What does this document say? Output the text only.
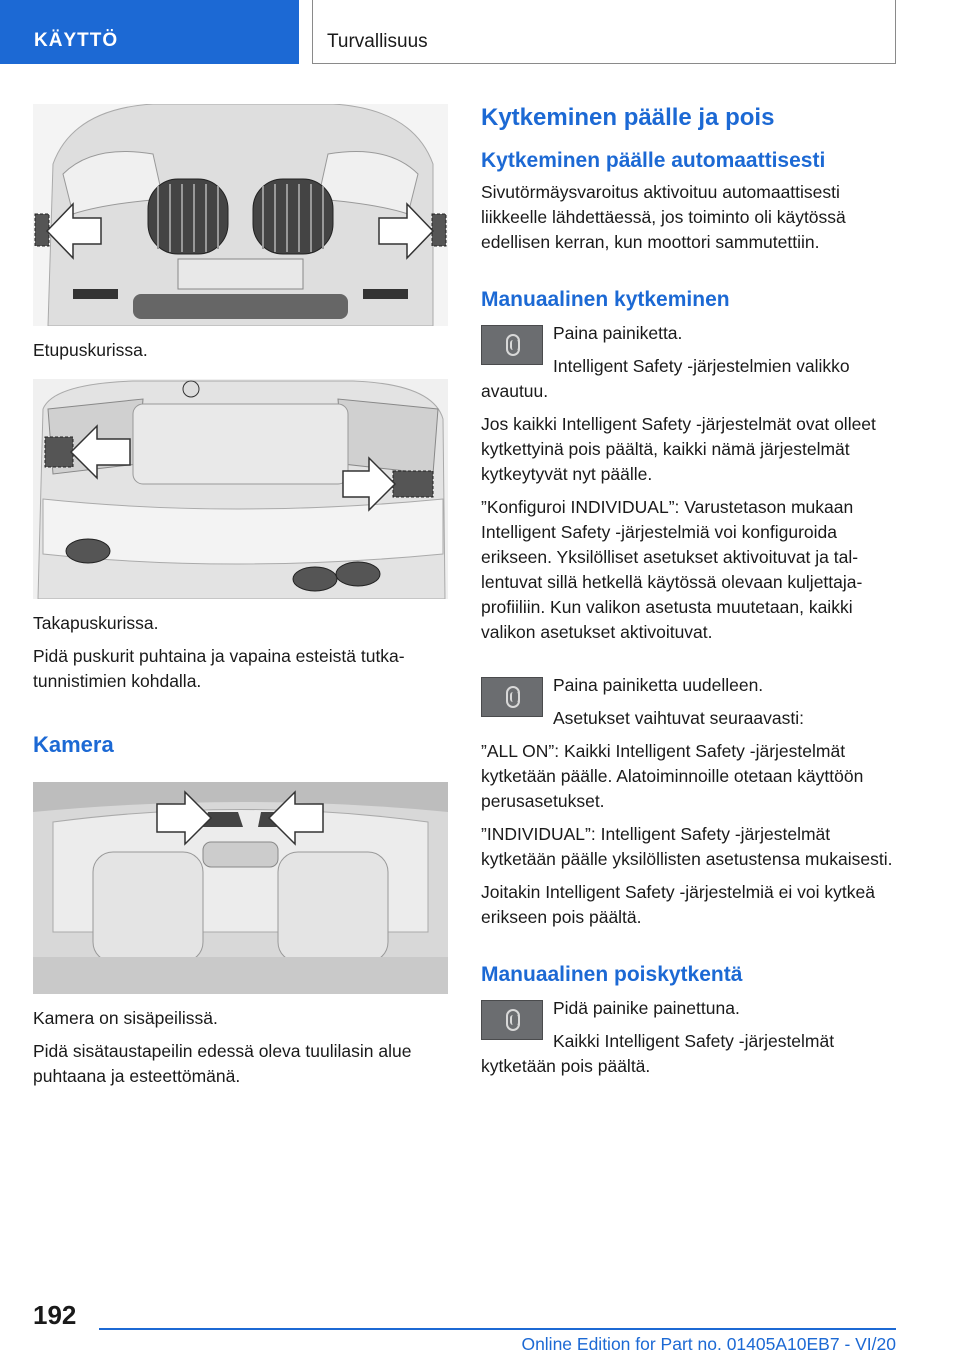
KÄYTTÖ	Turvallisuus
Etupuskurissa.
Takapuskurissa.

Pidä puskurit puhtaina ja vapaina esteistä tutkatunnistimien kohdalla.

Kamera
Kamera on sisäpeilissä.

Pidä sisätaustapeilin edessä oleva tuulilasin alue puhtaana ja esteettömänä.

Kytkeminen päälle ja pois
Kytkeminen päälle automaattisesti

Sivutörmäysvaroitus aktivoituu automaattisesti liikkeelle lähdettäessä, jos toiminto oli käytössä edellisen kerran, kun moottori sammutettiin.

Manuaalinen kytkeminen

Paina painiketta.

Intelligent Safety -järjestelmien valikko avautuu.

Jos kaikki Intelligent Safety -järjestelmät ovat olleet kytkettyinä pois päältä, kaikki nämä järjestelmät kytkeytyvät nyt päälle.

”Konfiguroi INDIVIDUAL”: Varustetason mukaan Intelligent Safety -järjestelmiä voi konfiguroida erikseen. Yksilölliset asetukset aktivoituvat ja tallentuvat sillä hetkellä käytössä olevaan kuljettajaprofiiliin. Kun valikon asetusta muutetaan, kaikki valikon asetukset aktivoituvat.

Paina painiketta uudelleen.

Asetukset vaihtuvat seuraavasti:

”ALL ON”: Kaikki Intelligent Safety -järjestelmät kytketään päälle. Alatoiminnoille otetaan käyttöön perusasetukset.

”INDIVIDUAL”: Intelligent Safety -järjestelmät kytketään päälle yksilöllisten asetustensa mukaisesti.

Joitakin Intelligent Safety -järjestelmiä ei voi kytkeä erikseen pois päältä.

Manuaalinen poiskytkentä

Pidä painike painettuna.

Kaikki Intelligent Safety -järjestelmät kytketään pois päältä.

192
Online Edition for Part no. 01405A10EB7 - VI/20
